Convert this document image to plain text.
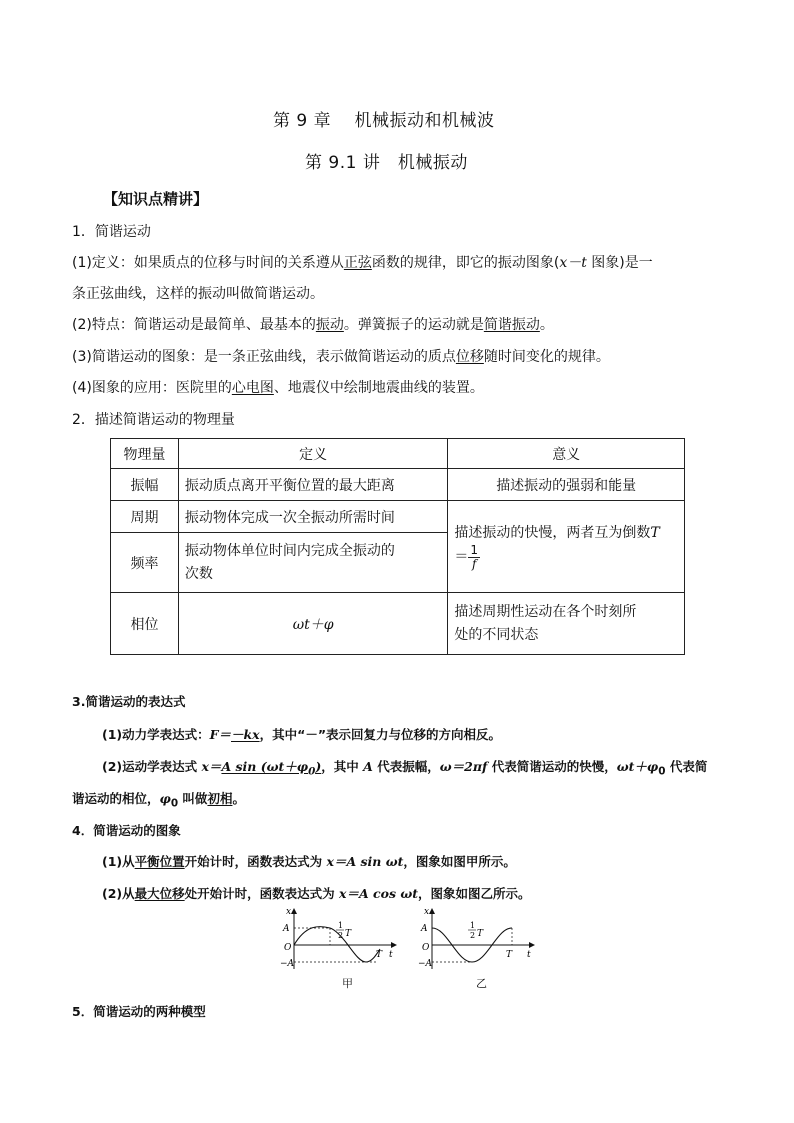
第 9 章　 机械振动和机械波
第 9.1 讲　机械振动
【知识点精讲】
1．简谐运动
(1)定义：如果质点的位移与时间的关系遵从正弦函数的规律，即它的振动图象(x－t 图象)是一
条正弦曲线，这样的振动叫做简谐运动。
(2)特点：简谐运动是最简单、最基本的振动。弹簧振子的运动就是简谐振动。
(3)简谐运动的图象：是一条正弦曲线，表示做简谐运动的质点位移随时间变化的规律。
(4)图象的应用：医院里的心电图、地震仪中绘制地震曲线的装置。
2．描述简谐运动的物理量
物理量	定义	意义
振幅	振动质点离开平衡位置的最大距离	描述振动的强弱和能量
周期	振动物体完成一次全振动所需时间	描述振动的快慢，两者互为倒数T
＝ $\frac{1}{f}$

频率	振动物体单位时间内完成全振动的
次数	
相位	ωt＋φ	描述周期性运动在各个时刻所
处的不同状态
3.简谐运动的表达式
(1)动力学表达式：F＝－kx，其中“－”表示回复力与位移的方向相反。
(2)运动学表达式 x＝A $\sin (\omega t+\varphi_0)$，其中 A 代表振幅，ω＝2πf 代表简谐运动的快慢，$\omega t+\varphi_0$ 代表简
谐运动的相位，$\varphi_0$ 叫做初相。
4．简谐运动的图象
(1)从平衡位置开始计时，函数表达式为 x＝A sin ωt，图象如图甲所示。
(2)从最大位移处开始计时，函数表达式为 x＝A cos ωt，图象如图乙所示。
x
A
O
−A
1
2 T
T t
甲
x
A
O
−A
1
2 T
T t
乙
5．简谐运动的两种模型
